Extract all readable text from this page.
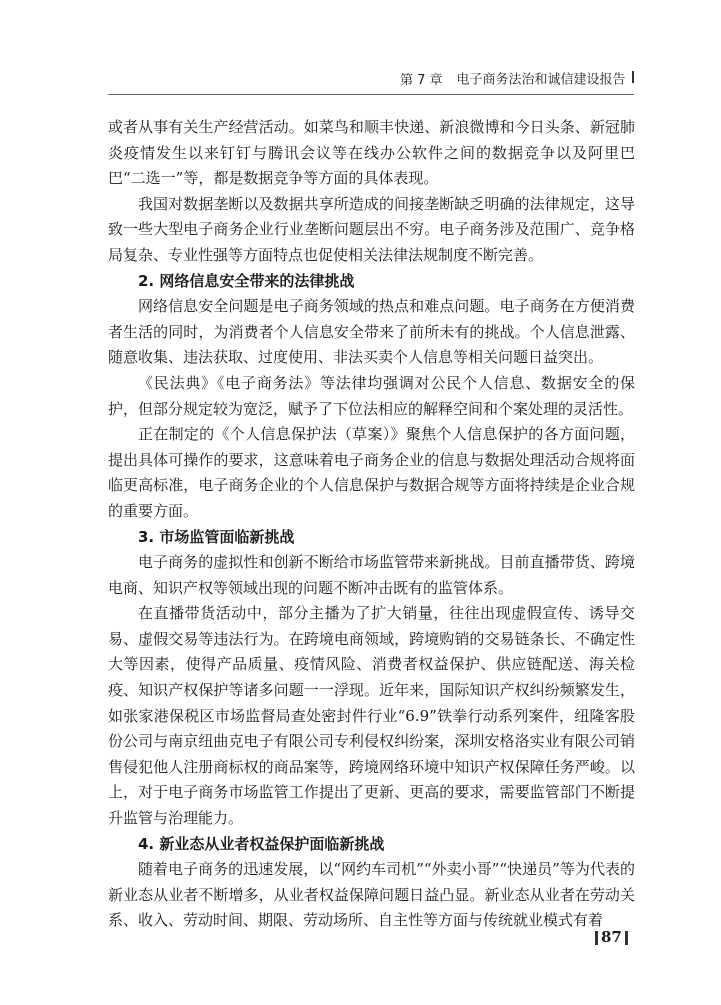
第 7 章 电子商务法治和诚信建设报告

或者从事有关生产经营活动。如菜鸟和顺丰快递、新浪微博和今日头条、新冠肺炎疫情发生以来钉钉与腾讯会议等在线办公软件之间的数据竞争以及阿里巴巴“二选一”等，都是数据竞争等方面的具体表现。

我国对数据垄断以及数据共享所造成的间接垄断缺乏明确的法律规定，这导致一些大型电子商务企业行业垄断问题层出不穷。电子商务涉及范围广、竞争格局复杂、专业性强等方面特点也促使相关法律法规制度不断完善。

2. 网络信息安全带来的法律挑战

网络信息安全问题是电子商务领域的热点和难点问题。电子商务在方便消费者生活的同时，为消费者个人信息安全带来了前所未有的挑战。个人信息泄露、随意收集、违法获取、过度使用、非法买卖个人信息等相关问题日益突出。

《民法典》《电子商务法》等法律均强调对公民个人信息、数据安全的保护，但部分规定较为宽泛，赋予了下位法相应的解释空间和个案处理的灵活性。

正在制定的《个人信息保护法（草案）》聚焦个人信息保护的各方面问题，提出具体可操作的要求，这意味着电子商务企业的信息与数据处理活动合规将面临更高标准，电子商务企业的个人信息保护与数据合规等方面将持续是企业合规的重要方面。

3. 市场监管面临新挑战

电子商务的虚拟性和创新不断给市场监管带来新挑战。目前直播带货、跨境电商、知识产权等领域出现的问题不断冲击既有的监管体系。

在直播带货活动中，部分主播为了扩大销量，往往出现虚假宣传、诱导交易、虚假交易等违法行为。在跨境电商领域，跨境购销的交易链条长、不确定性大等因素，使得产品质量、疫情风险、消费者权益保护、供应链配送、海关检疫、知识产权保护等诸多问题一一浮现。近年来，国际知识产权纠纷频繁发生，如张家港保税区市场监督局查处密封件行业“6.9”铁拳行动系列案件，纽隆客股份公司与南京纽曲克电子有限公司专利侵权纠纷案，深圳安格洛实业有限公司销售侵犯他人注册商标权的商品案等，跨境网络环境中知识产权保障任务严峻。以上，对于电子商务市场监管工作提出了更新、更高的要求，需要监管部门不断提升监管与治理能力。

4. 新业态从业者权益保护面临新挑战

随着电子商务的迅速发展，以“网约车司机”“外卖小哥”“快递员”等为代表的新业态从业者不断增多，从业者权益保障问题日益凸显。新业态从业者在劳动关系、收入、劳动时间、期限、劳动场所、自主性等方面与传统就业模式有着

87
